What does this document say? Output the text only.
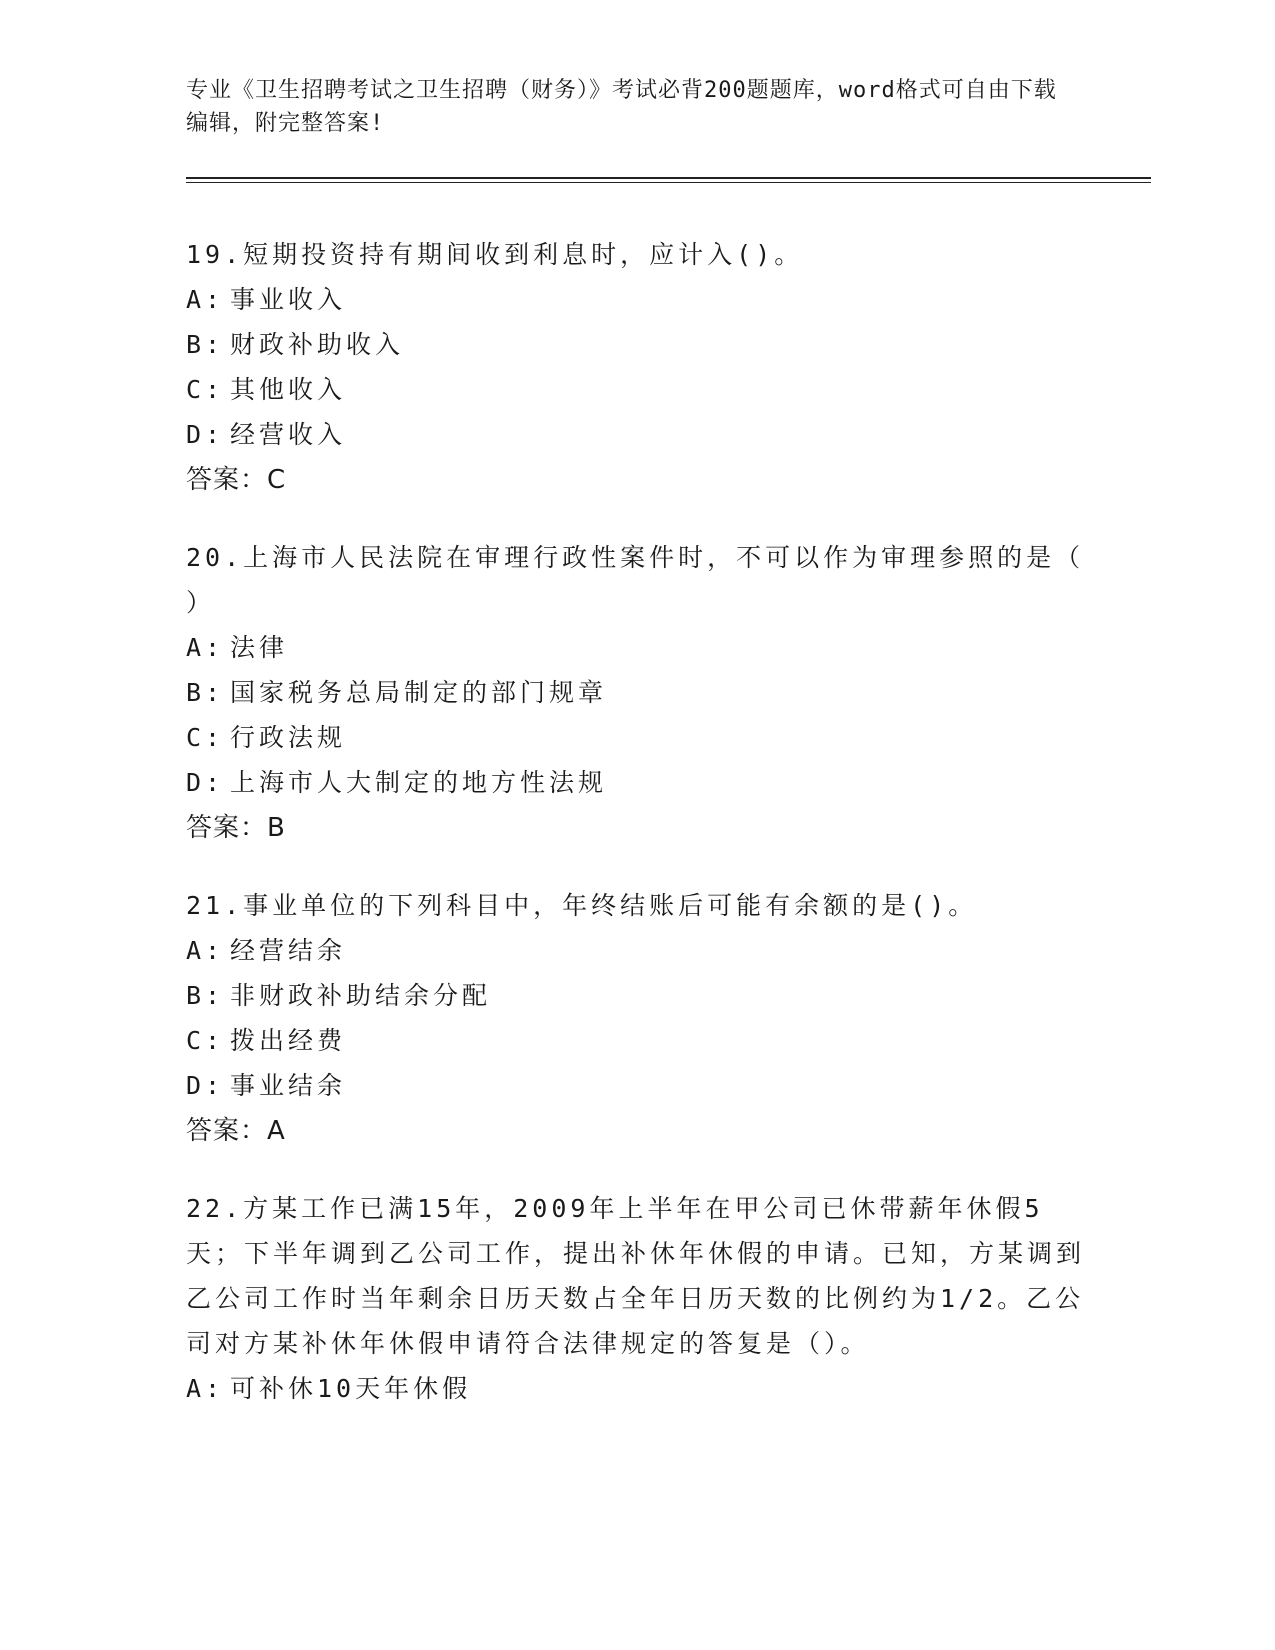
专业《卫生招聘考试之卫生招聘（财务）》考试必背200题题库，word格式可自由下载编辑，附完整答案!

19.短期投资持有期间收到利息时，应计入()。

A: 事业收入

B: 财政补助收入

C: 其他收入

D: 经营收入

答案：C

20.上海市人民法院在审理行政性案件时，不可以作为审理参照的是（ ）

A: 法律

B: 国家税务总局制定的部门规章

C: 行政法规

D: 上海市人大制定的地方性法规

答案：B

21.事业单位的下列科目中，年终结账后可能有余额的是()。

A: 经营结余

B: 非财政补助结余分配

C: 拨出经费

D: 事业结余

答案：A

22.方某工作已满15年，2009年上半年在甲公司已休带薪年休假5天；下半年调到乙公司工作，提出补休年休假的申请。已知，方某调到乙公司工作时当年剩余日历天数占全年日历天数的比例约为1/2。乙公司对方某补休年休假申请符合法律规定的答复是（）。

A: 可补休10天年休假
